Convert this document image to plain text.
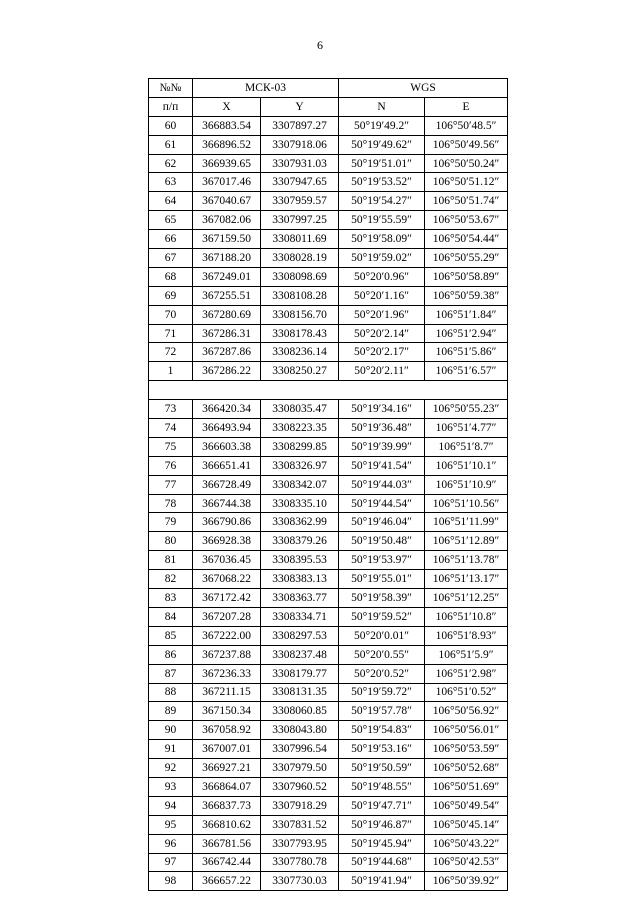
6
№№	МСК-03		WGS	
п/п	X	Y	N	E
60	366883.54	3307897.27	50°19′49.2″	106°50′48.5″
61	366896.52	3307918.06	50°19′49.62″	106°50′49.56″
62	366939.65	3307931.03	50°19′51.01″	106°50′50.24″
63	367017.46	3307947.65	50°19′53.52″	106°50′51.12″
64	367040.67	3307959.57	50°19′54.27″	106°50′51.74″
65	367082.06	3307997.25	50°19′55.59″	106°50′53.67″
66	367159.50	3308011.69	50°19′58.09″	106°50′54.44″
67	367188.20	3308028.19	50°19′59.02″	106°50′55.29″
68	367249.01	3308098.69	50°20′0.96″	106°50′58.89″
69	367255.51	3308108.28	50°20′1.16″	106°50′59.38″
70	367280.69	3308156.70	50°20′1.96″	106°51′1.84″
71	367286.31	3308178.43	50°20′2.14″	106°51′2.94″
72	367287.86	3308236.14	50°20′2.17″	106°51′5.86″
1	367286.22	3308250.27	50°20′2.11″	106°51′6.57″

73	366420.34	3308035.47	50°19′34.16″	106°50′55.23″
74	366493.94	3308223.35	50°19′36.48″	106°51′4.77″
75	366603.38	3308299.85	50°19′39.99″	106°51′8.7″
76	366651.41	3308326.97	50°19′41.54″	106°51′10.1″
77	366728.49	3308342.07	50°19′44.03″	106°51′10.9″
78	366744.38	3308335.10	50°19′44.54″	106°51′10.56″
79	366790.86	3308362.99	50°19′46.04″	106°51′11.99″
80	366928.38	3308379.26	50°19′50.48″	106°51′12.89″
81	367036.45	3308395.53	50°19′53.97″	106°51′13.78″
82	367068.22	3308383.13	50°19′55.01″	106°51′13.17″
83	367172.42	3308363.77	50°19′58.39″	106°51′12.25″
84	367207.28	3308334.71	50°19′59.52″	106°51′10.8″
85	367222.00	3308297.53	50°20′0.01″	106°51′8.93″
86	367237.88	3308237.48	50°20′0.55″	106°51′5.9″
87	367236.33	3308179.77	50°20′0.52″	106°51′2.98″
88	367211.15	3308131.35	50°19′59.72″	106°51′0.52″
89	367150.34	3308060.85	50°19′57.78″	106°50′56.92″
90	367058.92	3308043.80	50°19′54.83″	106°50′56.01″
91	367007.01	3307996.54	50°19′53.16″	106°50′53.59″
92	366927.21	3307979.50	50°19′50.59″	106°50′52.68″
93	366864.07	3307960.52	50°19′48.55″	106°50′51.69″
94	366837.73	3307918.29	50°19′47.71″	106°50′49.54″
95	366810.62	3307831.52	50°19′46.87″	106°50′45.14″
96	366781.56	3307793.95	50°19′45.94″	106°50′43.22″
97	366742.44	3307780.78	50°19′44.68″	106°50′42.53″
98	366657.22	3307730.03	50°19′41.94″	106°50′39.92″
